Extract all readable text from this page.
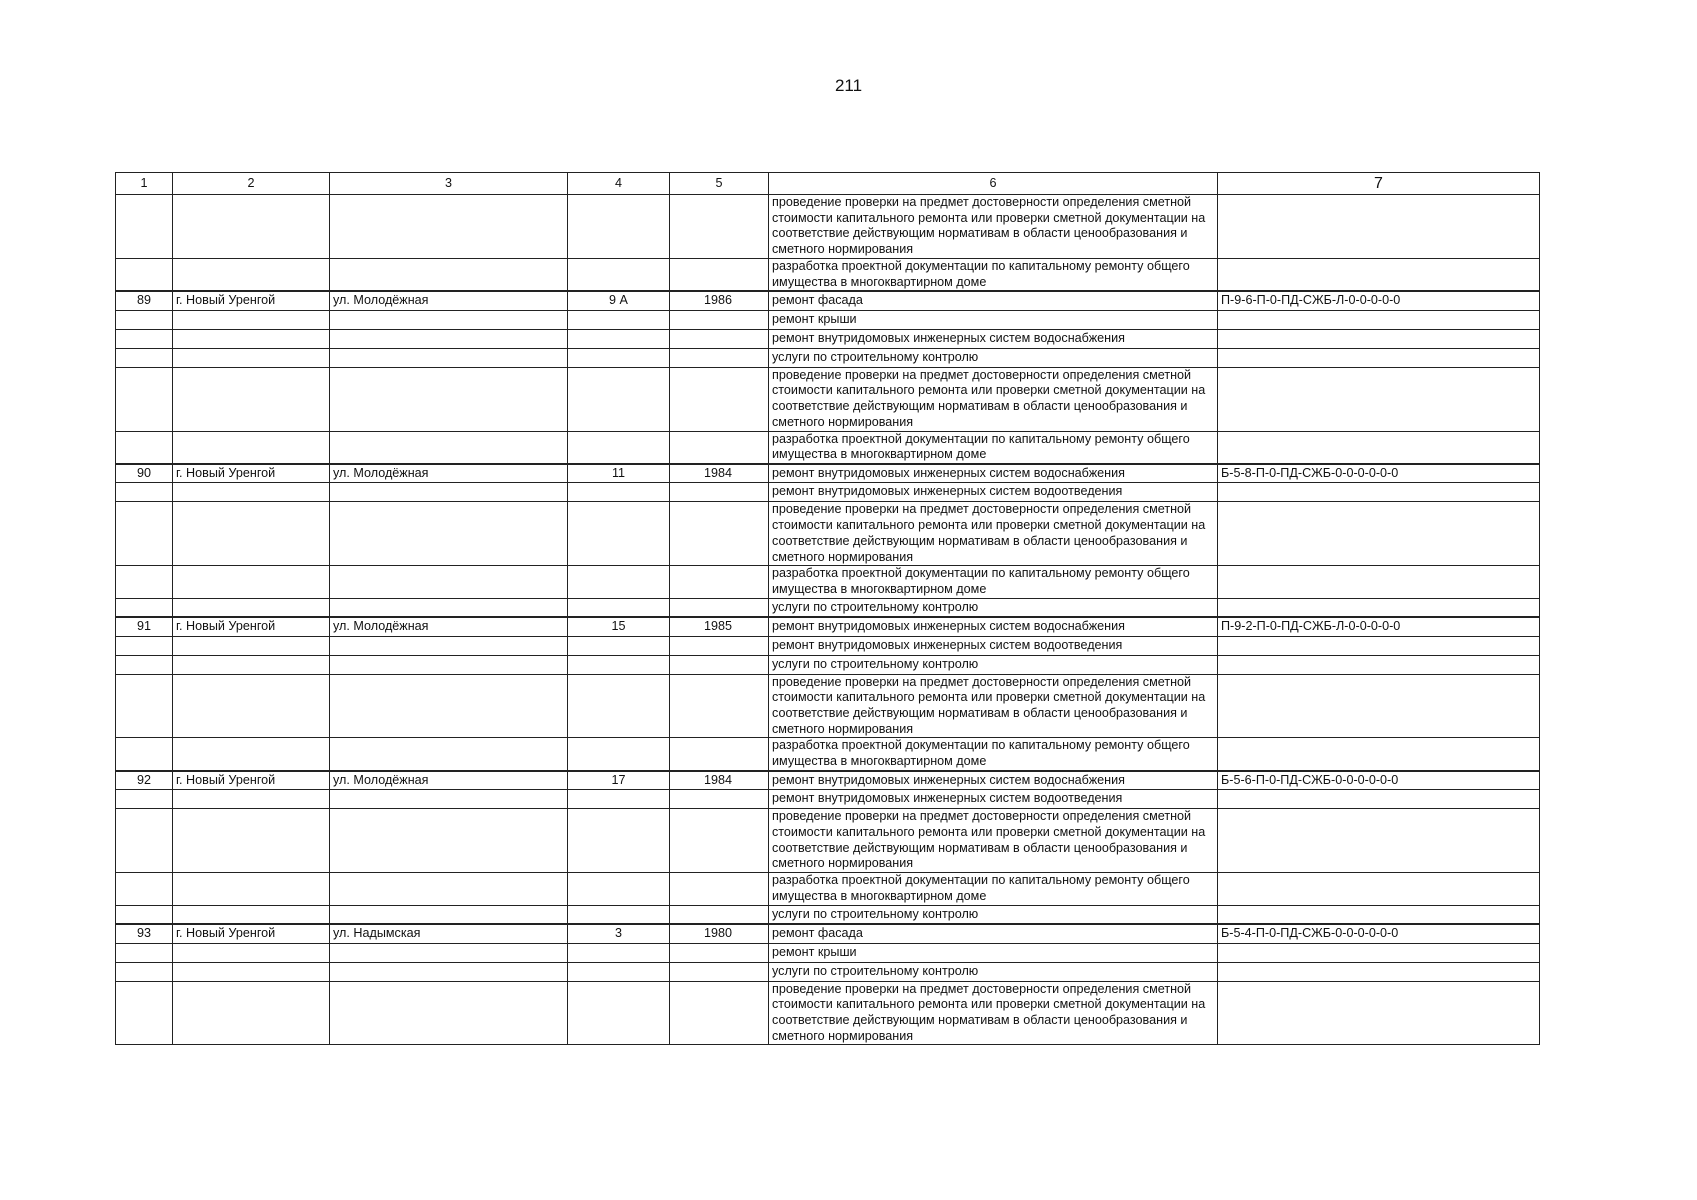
211
1	2	3	4	5	6	7
					проведение проверки на предмет достоверности определения сметной стоимости капитального ремонта или проверки сметной документации на соответствие действующим нормативам в области ценообразования и сметного нормирования	
					разработка проектной документации по капитальному ремонту общего имущества в многоквартирном доме	
89	г. Новый Уренгой	ул. Молодёжная	9 А	1986	ремонт фасада	П-9-6-П-0-ПД-СЖБ-Л-0-0-0-0-0
					ремонт крыши	
					ремонт внутридомовых инженерных систем водоснабжения	
					услуги по строительному контролю	
					проведение проверки на предмет достоверности определения сметной стоимости капитального ремонта или проверки сметной документации на соответствие действующим нормативам в области ценообразования и сметного нормирования	
					разработка проектной документации по капитальному ремонту общего имущества в многоквартирном доме	
90	г. Новый Уренгой	ул. Молодёжная	11	1984	ремонт внутридомовых инженерных систем водоснабжения	Б-5-8-П-0-ПД-СЖБ-0-0-0-0-0-0
					ремонт внутридомовых инженерных систем водоотведения	
					проведение проверки на предмет достоверности определения сметной стоимости капитального ремонта или проверки сметной документации на соответствие действующим нормативам в области ценообразования и сметного нормирования	
					разработка проектной документации по капитальному ремонту общего имущества в многоквартирном доме	
					услуги по строительному контролю	
91	г. Новый Уренгой	ул. Молодёжная	15	1985	ремонт внутридомовых инженерных систем водоснабжения	П-9-2-П-0-ПД-СЖБ-Л-0-0-0-0-0
					ремонт внутридомовых инженерных систем водоотведения	
					услуги по строительному контролю	
					проведение проверки на предмет достоверности определения сметной стоимости капитального ремонта или проверки сметной документации на соответствие действующим нормативам в области ценообразования и сметного нормирования	
					разработка проектной документации по капитальному ремонту общего имущества в многоквартирном доме	
92	г. Новый Уренгой	ул. Молодёжная	17	1984	ремонт внутридомовых инженерных систем водоснабжения	Б-5-6-П-0-ПД-СЖБ-0-0-0-0-0-0
					ремонт внутридомовых инженерных систем водоотведения	
					проведение проверки на предмет достоверности определения сметной стоимости капитального ремонта или проверки сметной документации на соответствие действующим нормативам в области ценообразования и сметного нормирования	
					разработка проектной документации по капитальному ремонту общего имущества в многоквартирном доме	
					услуги по строительному контролю	
93	г. Новый Уренгой	ул. Надымская	3	1980	ремонт фасада	Б-5-4-П-0-ПД-СЖБ-0-0-0-0-0-0
					ремонт крыши	
					услуги по строительному контролю	
					проведение проверки на предмет достоверности определения сметной стоимости капитального ремонта или проверки сметной документации на соответствие действующим нормативам в области ценообразования и сметного нормирования	
